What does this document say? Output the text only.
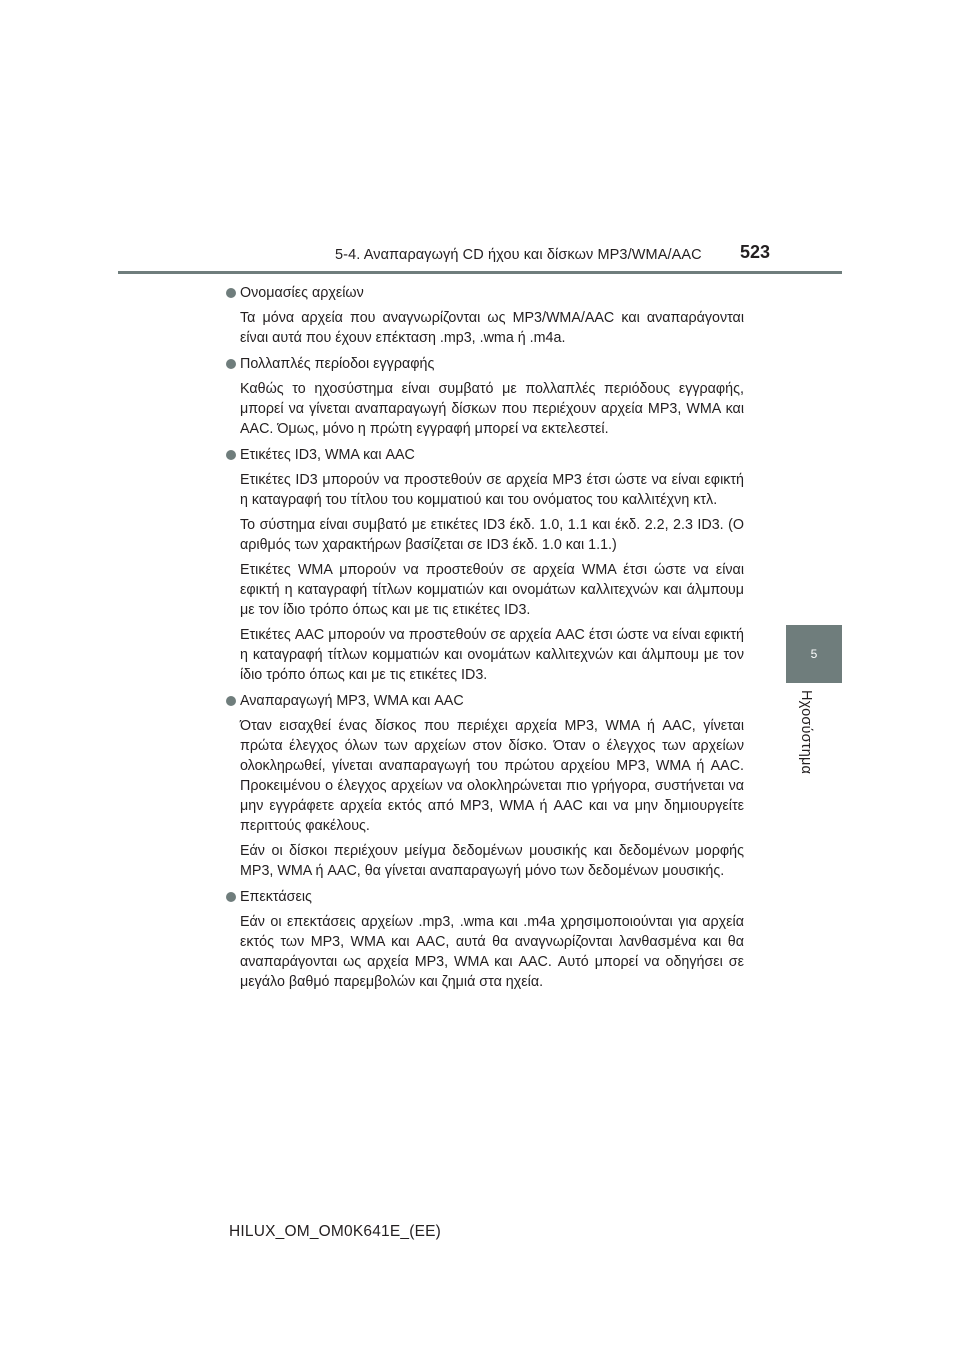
5-4. Αναπαραγωγή CD ήχου και δίσκων MP3/WMA/AAC 523
5
Ηχοσύστημα
Ονομασίες αρχείων

Τα μόνα αρχεία που αναγνωρίζονται ως MP3/WMA/AAC και αναπαράγονται είναι αυτά που έχουν επέκταση .mp3, .wma ή .m4a.

Πολλαπλές περίοδοι εγγραφής

Καθώς το ηχοσύστημα είναι συμβατό με πολλαπλές περιόδους εγγραφής, μπορεί να γίνεται αναπαραγωγή δίσκων που περιέχουν αρχεία MP3, WMA και AAC. Όμως, μόνο η πρώτη εγγραφή μπορεί να εκτελεστεί.

Ετικέτες ID3, WMA και AAC

Ετικέτες ID3 μπορούν να προστεθούν σε αρχεία MP3 έτσι ώστε να είναι εφικτή η καταγραφή του τίτλου του κομματιού και του ονόματος του καλλιτέχνη κτλ.

Το σύστημα είναι συμβατό με ετικέτες ID3 έκδ. 1.0, 1.1 και έκδ. 2.2, 2.3 ID3. (Ο αριθμός των χαρακτήρων βασίζεται σε ID3 έκδ. 1.0 και 1.1.)

Ετικέτες WMA μπορούν να προστεθούν σε αρχεία WMA έτσι ώστε να είναι εφικτή η καταγραφή τίτλων κομματιών και ονομάτων καλλιτεχνών και άλμπουμ με τον ίδιο τρόπο όπως και με τις ετικέτες ID3.

Ετικέτες AAC μπορούν να προστεθούν σε αρχεία AAC έτσι ώστε να είναι εφικτή η καταγραφή τίτλων κομματιών και ονομάτων καλλιτεχνών και άλμπουμ με τον ίδιο τρόπο όπως και με τις ετικέτες ID3.

Αναπαραγωγή MP3, WMA και AAC

Όταν εισαχθεί ένας δίσκος που περιέχει αρχεία MP3, WMA ή AAC, γίνεται πρώτα έλεγχος όλων των αρχείων στον δίσκο. Όταν ο έλεγχος των αρχείων ολοκληρωθεί, γίνεται αναπαραγωγή του πρώτου αρχείου MP3, WMA ή AAC. Προκειμένου ο έλεγχος αρχείων να ολοκληρώνεται πιο γρήγορα, συστήνεται να μην εγγράφετε αρχεία εκτός από MP3, WMA ή AAC και να μην δημιουργείτε περιττούς φακέλους.

Εάν οι δίσκοι περιέχουν μείγμα δεδομένων μουσικής και δεδομένων μορφής MP3, WMA ή AAC, θα γίνεται αναπαραγωγή μόνο των δεδομένων μουσικής.

Επεκτάσεις

Εάν οι επεκτάσεις αρχείων .mp3, .wma και .m4a χρησιμοποιούνται για αρχεία εκτός των MP3, WMA και AAC, αυτά θα αναγνωρίζονται λανθασμένα και θα αναπαράγονται ως αρχεία MP3, WMA και AAC. Αυτό μπορεί να οδηγήσει σε μεγάλο βαθμό παρεμβολών και ζημιά στα ηχεία.

HILUX_OM_OM0K641E_(EE)
